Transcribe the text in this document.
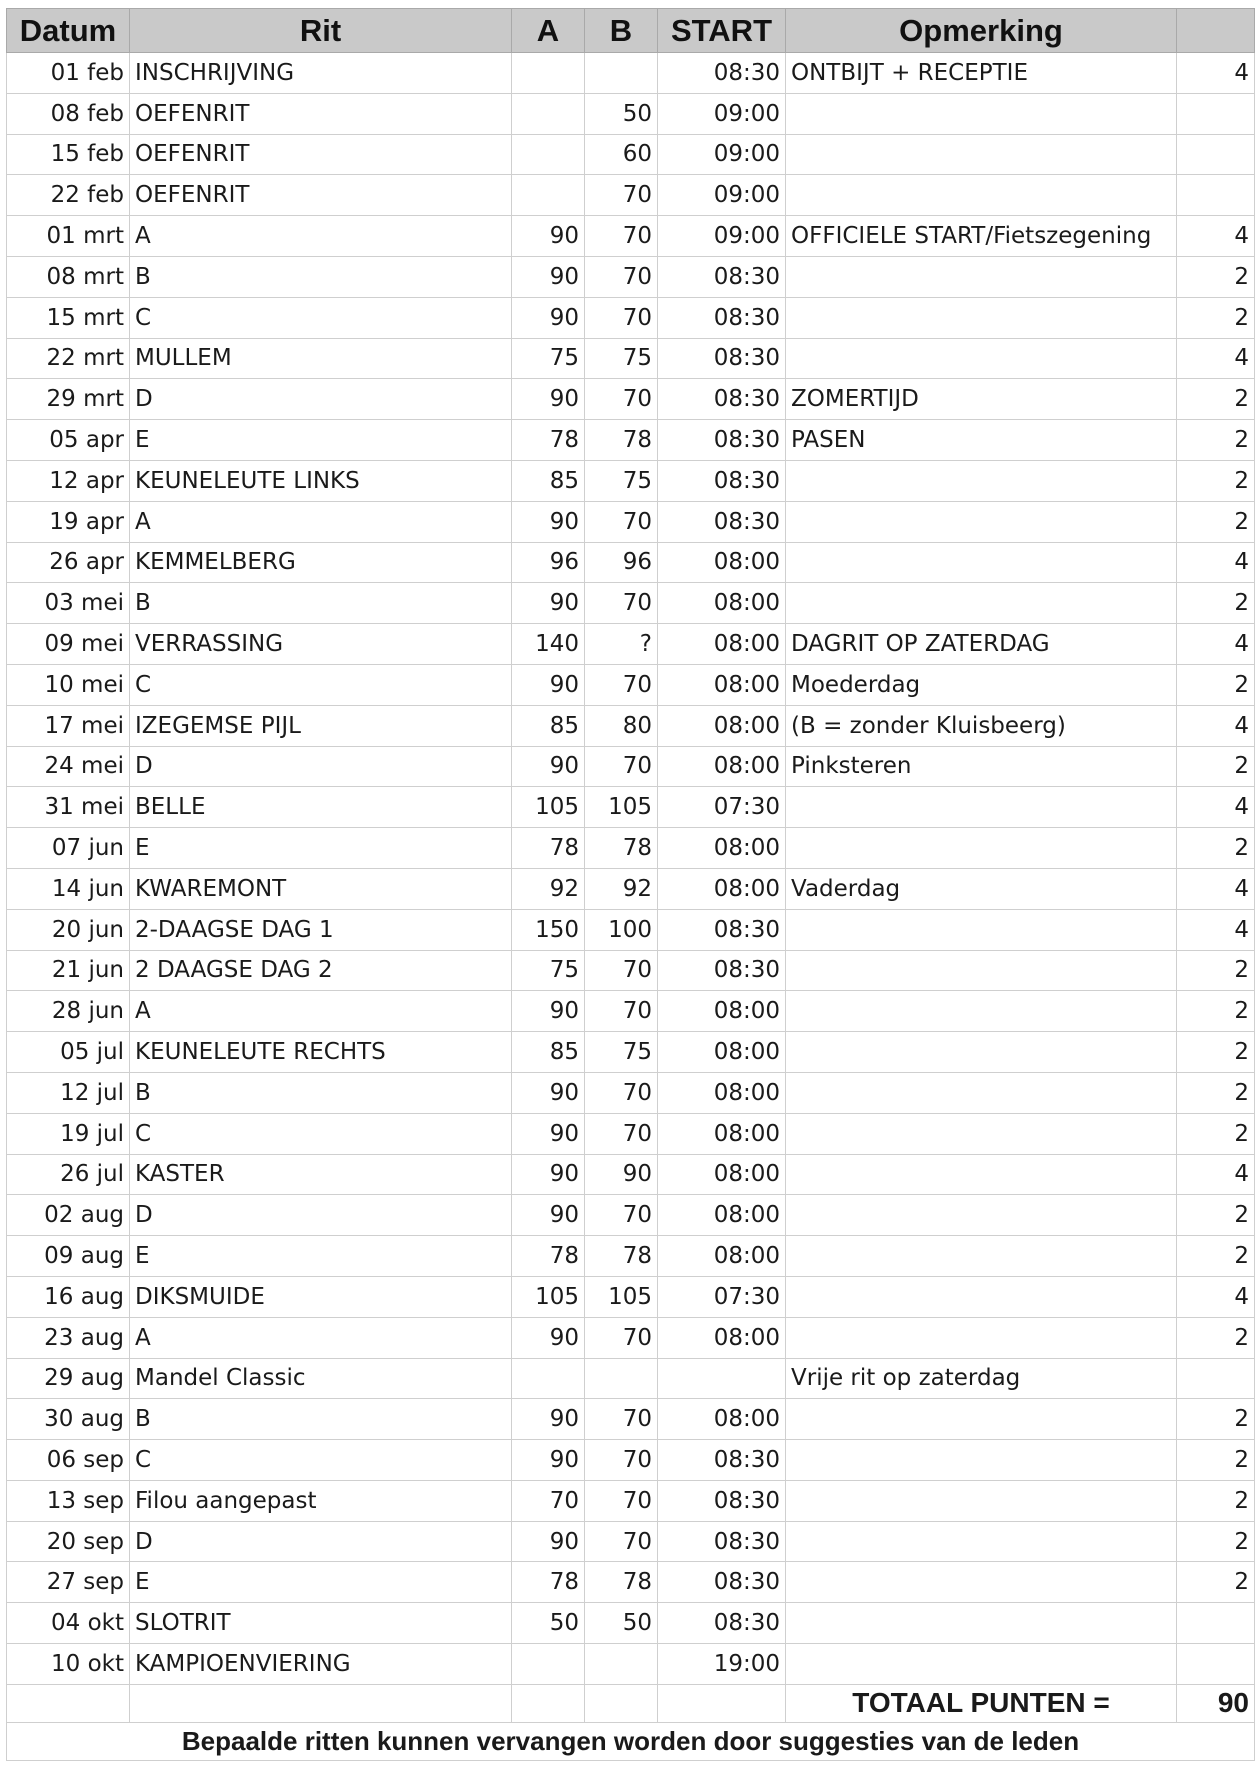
Datum	Rit	A	B	START	Opmerking	
01 feb	INSCHRIJVING			08:30	ONTBIJT + RECEPTIE	4
08 feb	OEFENRIT		50	09:00		
15 feb	OEFENRIT		60	09:00		
22 feb	OEFENRIT		70	09:00		
01 mrt	A	90	70	09:00	OFFICIELE START/Fietszegening	4
08 mrt	B	90	70	08:30		2
15 mrt	C	90	70	08:30		2
22 mrt	MULLEM	75	75	08:30		4
29 mrt	D	90	70	08:30	ZOMERTIJD	2
05 apr	E	78	78	08:30	PASEN	2
12 apr	KEUNELEUTE LINKS	85	75	08:30		2
19 apr	A	90	70	08:30		2
26 apr	KEMMELBERG	96	96	08:00		4
03 mei	B	90	70	08:00		2
09 mei	VERRASSING	140	?	08:00	DAGRIT OP ZATERDAG	4
10 mei	C	90	70	08:00	Moederdag	2
17 mei	IZEGEMSE PIJL	85	80	08:00	(B = zonder Kluisbeerg)	4
24 mei	D	90	70	08:00	Pinksteren	2
31 mei	BELLE	105	105	07:30		4
07 jun	E	78	78	08:00		2
14 jun	KWAREMONT	92	92	08:00	Vaderdag	4
20 jun	2-DAAGSE DAG 1	150	100	08:30		4
21 jun	2 DAAGSE DAG 2	75	70	08:30		2
28 jun	A	90	70	08:00		2
05 jul	KEUNELEUTE RECHTS	85	75	08:00		2
12 jul	B	90	70	08:00		2
19 jul	C	90	70	08:00		2
26 jul	KASTER	90	90	08:00		4
02 aug	D	90	70	08:00		2
09 aug	E	78	78	08:00		2
16 aug	DIKSMUIDE	105	105	07:30		4
23 aug	A	90	70	08:00		2
29 aug	Mandel Classic				Vrije rit op zaterdag	
30 aug	B	90	70	08:00		2
06 sep	C	90	70	08:30		2
13 sep	Filou aangepast	70	70	08:30		2
20 sep	D	90	70	08:30		2
27 sep	E	78	78	08:30		2
04 okt	SLOTRIT	50	50	08:30		
10 okt	KAMPIOENVIERING			19:00		
					TOTAAL PUNTEN =	90
Bepaalde ritten kunnen vervangen worden door suggesties van de leden						
